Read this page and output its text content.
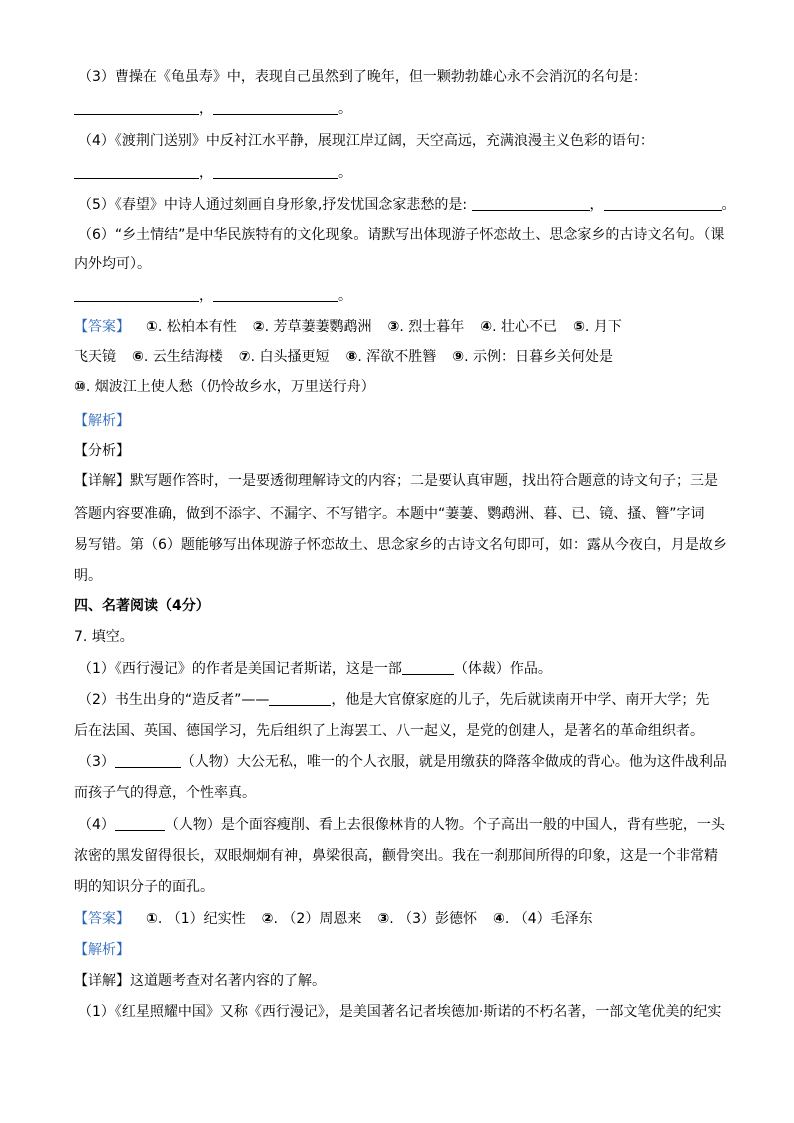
（3）曹操在《龟虽寿》中，表现自己虽然到了晚年，但一颗勃勃雄心永不会消沉的名句是：
，	。
（4）《渡荆门送别》中反衬江水平静，展现江岸辽阔，天空高远，充满浪漫主义色彩的语句：
，	。
（5）《春望》中诗人通过刻画自身形象,抒发忧国念家悲愁的是:	，	。
（6）“乡土情结”是中华民族特有的文化现象。请默写出体现游子怀恋故土、思念家乡的古诗文名句。（课
内外均可）。
，	。
【答案】 ①. 松柏本有性 ②. 芳草萋萋鹦鹉洲 ③. 烈士暮年 ④. 壮心不已 ⑤. 月下
飞天镜 ⑥. 云生结海楼 ⑦. 白头搔更短 ⑧. 浑欲不胜簪 ⑨. 示例：日暮乡关何处是
⑩. 烟波江上使人愁（仍怜故乡水，万里送行舟）
【解析】
【分析】
【详解】默写题作答时，一是要透彻理解诗文的内容；二是要认真审题，找出符合题意的诗文句子；三是
答题内容要准确，做到不添字、不漏字、不写错字。本题中“萋萋、鹦鹉洲、暮、已、镜、搔、簪”字词
易写错。第（6）题能够写出体现游子怀恋故土、思念家乡的古诗文名句即可，如：露从今夜白，月是故乡
明。
四、名著阅读（4分）
7. 填空。
（1）《西行漫记》的作者是美国记者斯诺，这是一部	（体裁）作品。
（2）书生出身的“造反者”——	，他是大官僚家庭的儿子，先后就读南开中学、南开大学；先
后在法国、英国、德国学习，先后组织了上海罢工、八一起义，是党的创建人，是著名的革命组织者。
（3）	（人物）大公无私，唯一的个人衣服，就是用缴获的降落伞做成的背心。他为这件战利品
而孩子气的得意，个性率真。
（4）	（人物）是个面容瘦削、看上去很像林肯的人物。个子高出一般的中国人，背有些驼，一头
浓密的黑发留得很长，双眼炯炯有神，鼻梁很高，颧骨突出。我在一刹那间所得的印象，这是一个非常精
明的知识分子的面孔。
【答案】 ①. （1）纪实性 ②. （2）周恩来 ③. （3）彭德怀 ④. （4）毛泽东
【解析】
【详解】这道题考查对名著内容的了解。
（1）《红星照耀中国》又称《西行漫记》，是美国著名记者埃德加·斯诺的不朽名著，一部文笔优美的纪实
